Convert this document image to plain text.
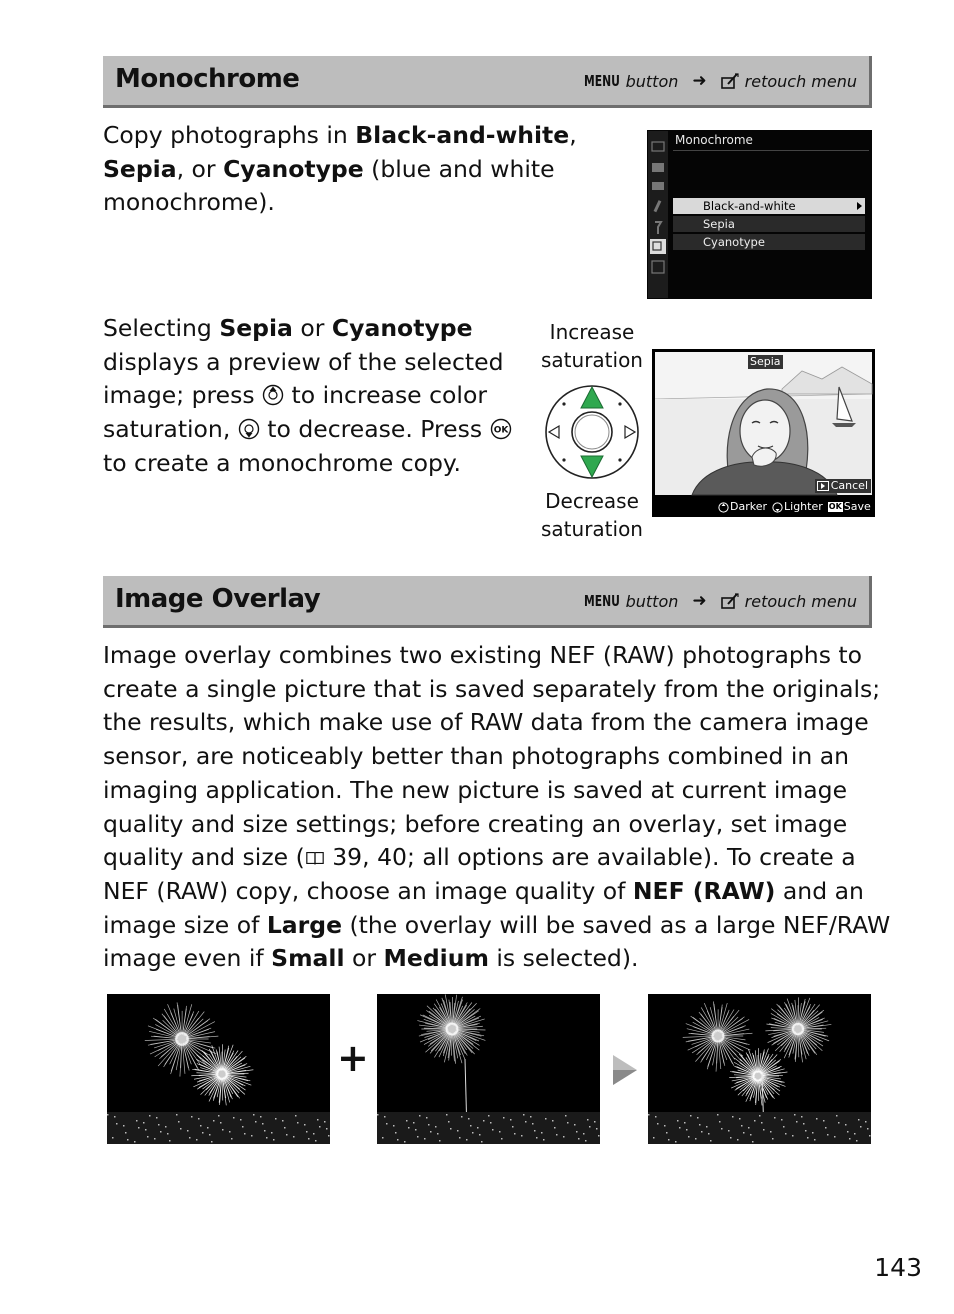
Monochrome	MENU button ➜ retouch menu
Copy photographs in Black-and-white,
Sepia, or Cyanotype (blue and white
monochrome).
Monochrome
Black-and-white
Sepia
Cyanotype
Selecting Sepia or Cyanotype
displays a preview of the selected
image; press  to increase color
saturation,  to decrease. Press OK

to create a monochrome copy.
Increase
saturation
Decrease
saturation
Sepia
Cancel
Darker Lighter OK Save
Image Overlay	MENU button ➜ retouch menu
Image overlay combines two existing NEF (RAW) photographs to
create a single picture that is saved separately from the originals;
the results, which make use of RAW data from the camera image
sensor, are noticeably better than photographs combined in an
imaging application. The new picture is saved at current image
quality and size settings; before creating an overlay, set image
quality and size ( 39, 40; all options are available). To create a
NEF (RAW) copy, choose an image quality of NEF (RAW) and an
image size of Large (the overlay will be saved as a large NEF/RAW
image even if Small or Medium is selected).
+
143
